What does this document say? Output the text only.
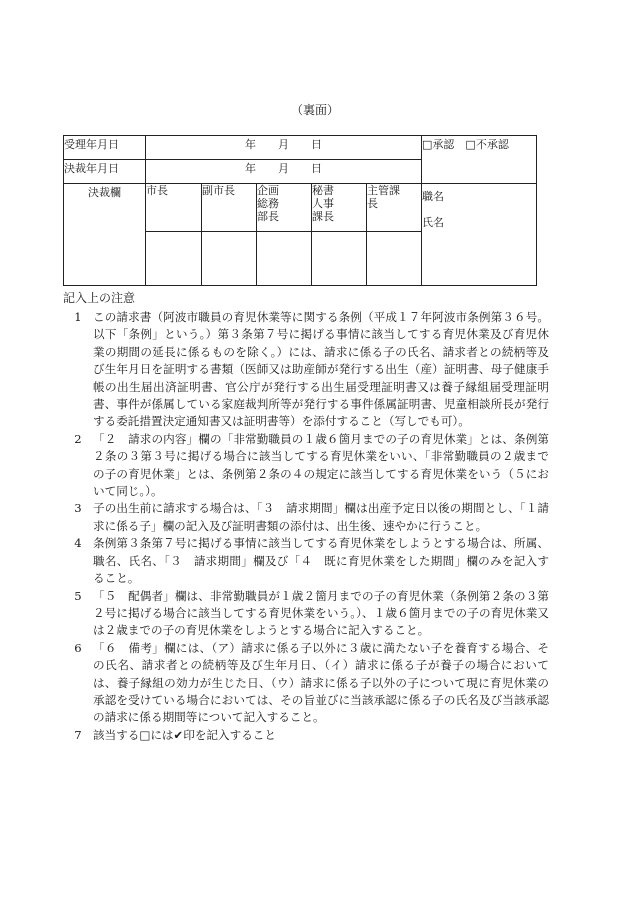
（裏面）
受理年月日	年　　月　　日					□承認　□不承認
決裁年月日	年　　月　　日					
決裁欄	市長	副市長	企画総務部長	秘書人事課長	主管課長	職名
氏名

記入上の注意
1 この請求書（阿波市職員の育児休業等に関する条例（平成１７年阿波市条例第３６号。以下「条例」という。）第３条第７号に掲げる事情に該当してする育児休業及び育児休業の期間の延長に係るものを除く。）には、請求に係る子の氏名、請求者との続柄等及び生年月日を証明する書類（医師又は助産師が発行する出生（産）証明書、母子健康手帳の出生届出済証明書、官公庁が発行する出生届受理証明書又は養子縁組届受理証明書、事件が係属している家庭裁判所等が発行する事件係属証明書、児童相談所長が発行する委託措置決定通知書又は証明書等）を添付すること（写しでも可）。
2 「２　請求の内容」欄の「非常勤職員の１歳６箇月までの子の育児休業」とは、条例第２条の３第３号に掲げる場合に該当してする育児休業をいい、「非常勤職員の２歳までの子の育児休業」とは、条例第２条の４の規定に該当してする育児休業をいう（５において同じ。）。
3 子の出生前に請求する場合は、「３　請求期間」欄は出産予定日以後の期間とし、「１請求に係る子」欄の記入及び証明書類の添付は、出生後、速やかに行うこと。
4 条例第３条第７号に掲げる事情に該当してする育児休業をしようとする場合は、所属、職名、氏名、「３　請求期間」欄及び「４　既に育児休業をした期間」欄のみを記入すること。
5 「５　配偶者」欄は、非常勤職員が１歳２箇月までの子の育児休業（条例第２条の３第２号に掲げる場合に該当してする育児休業をいう。）、１歳６箇月までの子の育児休業又は２歳までの子の育児休業をしようとする場合に記入すること。
6 「６　備考」欄には、（ア）請求に係る子以外に３歳に満たない子を養育する場合、その氏名、請求者との続柄等及び生年月日、（イ）請求に係る子が養子の場合においては、養子縁組の効力が生じた日、（ウ）請求に係る子以外の子について現に育児休業の承認を受けている場合においては、その旨並びに当該承認に係る子の氏名及び当該承認の請求に係る期間等について記入すること。
7 該当する□には✔印を記入すること
